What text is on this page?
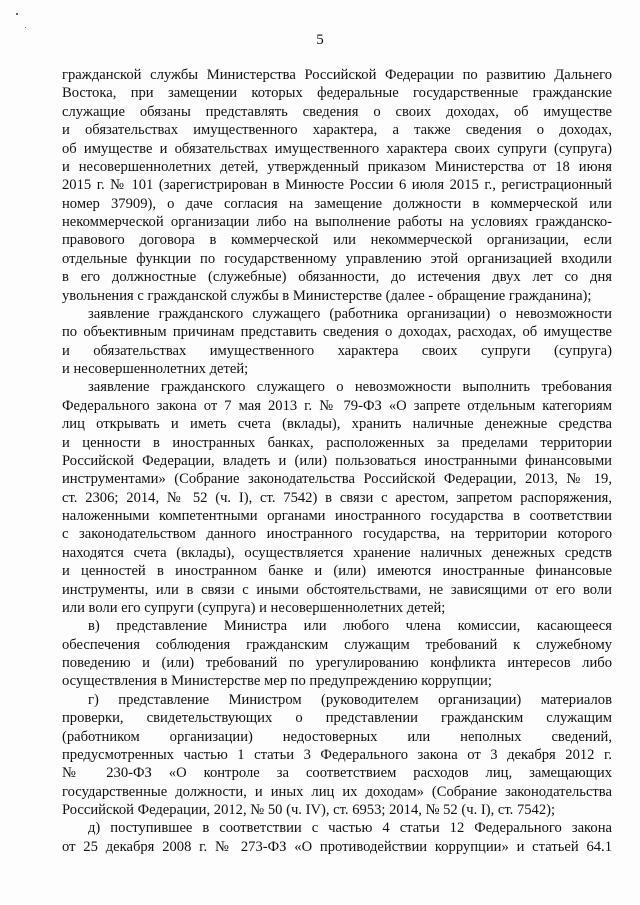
5
гражданской службы Министерства Российской Федерации по развитию Дальнего
Востока, при замещении которых федеральные государственные гражданские
служащие обязаны представлять сведения о своих доходах, об имуществе
и обязательствах имущественного характера, а также сведения о доходах,
об имуществе и обязательствах имущественного характера своих супруги (супруга)
и несовершеннолетних детей, утвержденный приказом Министерства от 18 июня
2015 г. № 101 (зарегистрирован в Минюсте России 6 июля 2015 г., регистрационный
номер 37909), о даче согласия на замещение должности в коммерческой или
некоммерческой организации либо на выполнение работы на условиях гражданско-
правового договора в коммерческой или некоммерческой организации, если
отдельные функции по государственному управлению этой организацией входили
в его должностные (служебные) обязанности, до истечения двух лет со дня
увольнения с гражданской службы в Министерстве (далее - обращение гражданина);
заявление гражданского служащего (работника организации) о невозможности
по объективным причинам представить сведения о доходах, расходах, об имуществе
и обязательствах имущественного характера своих супруги (супруга)
и несовершеннолетних детей;
заявление гражданского служащего о невозможности выполнить требования
Федерального закона от 7 мая 2013 г. № 79-ФЗ «О запрете отдельным категориям
лиц открывать и иметь счета (вклады), хранить наличные денежные средства
и ценности в иностранных банках, расположенных за пределами территории
Российской Федерации, владеть и (или) пользоваться иностранными финансовыми
инструментами» (Собрание законодательства Российской Федерации, 2013, № 19,
ст. 2306; 2014, № 52 (ч. I), ст. 7542) в связи с арестом, запретом распоряжения,
наложенными компетентными органами иностранного государства в соответствии
с законодательством данного иностранного государства, на территории которого
находятся счета (вклады), осуществляется хранение наличных денежных средств
и ценностей в иностранном банке и (или) имеются иностранные финансовые
инструменты, или в связи с иными обстоятельствами, не зависящими от его воли
или воли его супруги (супруга) и несовершеннолетних детей;
в) представление Министра или любого члена комиссии, касающееся
обеспечения соблюдения гражданским служащим требований к служебному
поведению и (или) требований по урегулированию конфликта интересов либо
осуществления в Министерстве мер по предупреждению коррупции;
г) представление Министром (руководителем организации) материалов
проверки, свидетельствующих о представлении гражданским служащим
(работником организации) недостоверных или неполных сведений,
предусмотренных частью 1 статьи 3 Федерального закона от 3 декабря 2012 г.
№ 230-ФЗ «О контроле за соответствием расходов лиц, замещающих
государственные должности, и иных лиц их доходам» (Собрание законодательства
Российской Федерации, 2012, № 50 (ч. IV), ст. 6953; 2014, № 52 (ч. I), ст. 7542);
д) поступившее в соответствии с частью 4 статьи 12 Федерального закона
от 25 декабря 2008 г. № 273-ФЗ «О противодействии коррупции» и статьей 64.1
